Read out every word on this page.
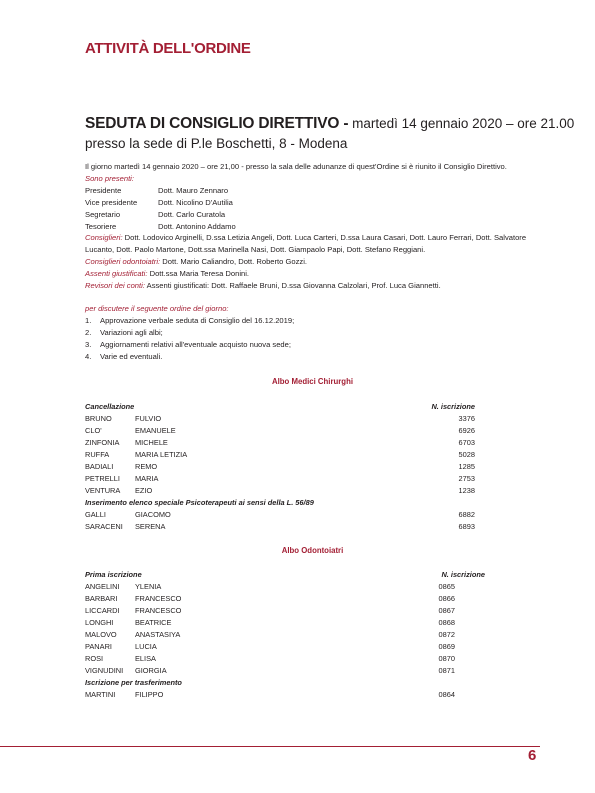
ATTIVITÀ DELL'ORDINE
SEDUTA DI CONSIGLIO DIRETTIVO - martedì 14 gennaio 2020 – ore 21.00
presso la sede di P.le Boschetti, 8 - Modena

Il giorno martedì 14 gennaio 2020 – ore 21,00 - presso la sala delle adunanze di quest'Ordine si è riunito il Consiglio Direttivo.

Sono presenti:

Presidente	Dott. Mauro Zennaro
Vice presidente	Dott. Nicolino D'Autilia
Segretario	Dott. Carlo Curatola
Tesoriere	Dott. Antonino Addamo

Consiglieri: Dott. Lodovico Arginelli, D.ssa Letizia Angeli, Dott. Luca Carteri, D.ssa Laura Casari, Dott. Lauro Ferrari, Dott. Salvatore Lucanto, Dott. Paolo Martone, Dott.ssa Marinella Nasi, Dott. Giampaolo Papi, Dott. Stefano Reggiani.

Consiglieri odontoiatri: Dott. Mario Caliandro, Dott. Roberto Gozzi.

Assenti giustificati: Dott.ssa Maria Teresa Donini.

Revisori dei conti: Assenti giustificati: Dott. Raffaele Bruni, D.ssa Giovanna Calzolari, Prof. Luca Giannetti.

per discutere il seguente ordine del giorno:

1.	Approvazione verbale seduta di Consiglio del 16.12.2019;
2.	Variazioni agli albi;
3.	Aggiornamenti relativi all'eventuale acquisto nuova sede;
4.	Varie ed eventuali.
Albo Medici Chirurghi
Cancellazione	N. iscrizione
BRUNO	FULVIO	3376
CLO'	EMANUELE	6926
ZINFONIA	MICHELE	6703
RUFFA	MARIA LETIZIA	5028
BADIALI	REMO	1285
PETRELLI	MARIA	2753
VENTURA	EZIO	1238
Inserimento elenco speciale Psicoterapeuti ai sensi della L. 56/89
GALLI	GIACOMO	6882
SARACENI	SERENA	6893
Albo Odontoiatri
Prima iscrizione	N. iscrizione
ANGELINI	YLENIA	0865
BARBARI	FRANCESCO	0866
LICCARDI	FRANCESCO	0867
LONGHI	BEATRICE	0868
MALOVO	ANASTASIYA	0872
PANARI	LUCIA	0869
ROSI	ELISA	0870
VIGNUDINI	GIORGIA	0871
Iscrizione per trasferimento
MARTINI	FILIPPO	0864
6
